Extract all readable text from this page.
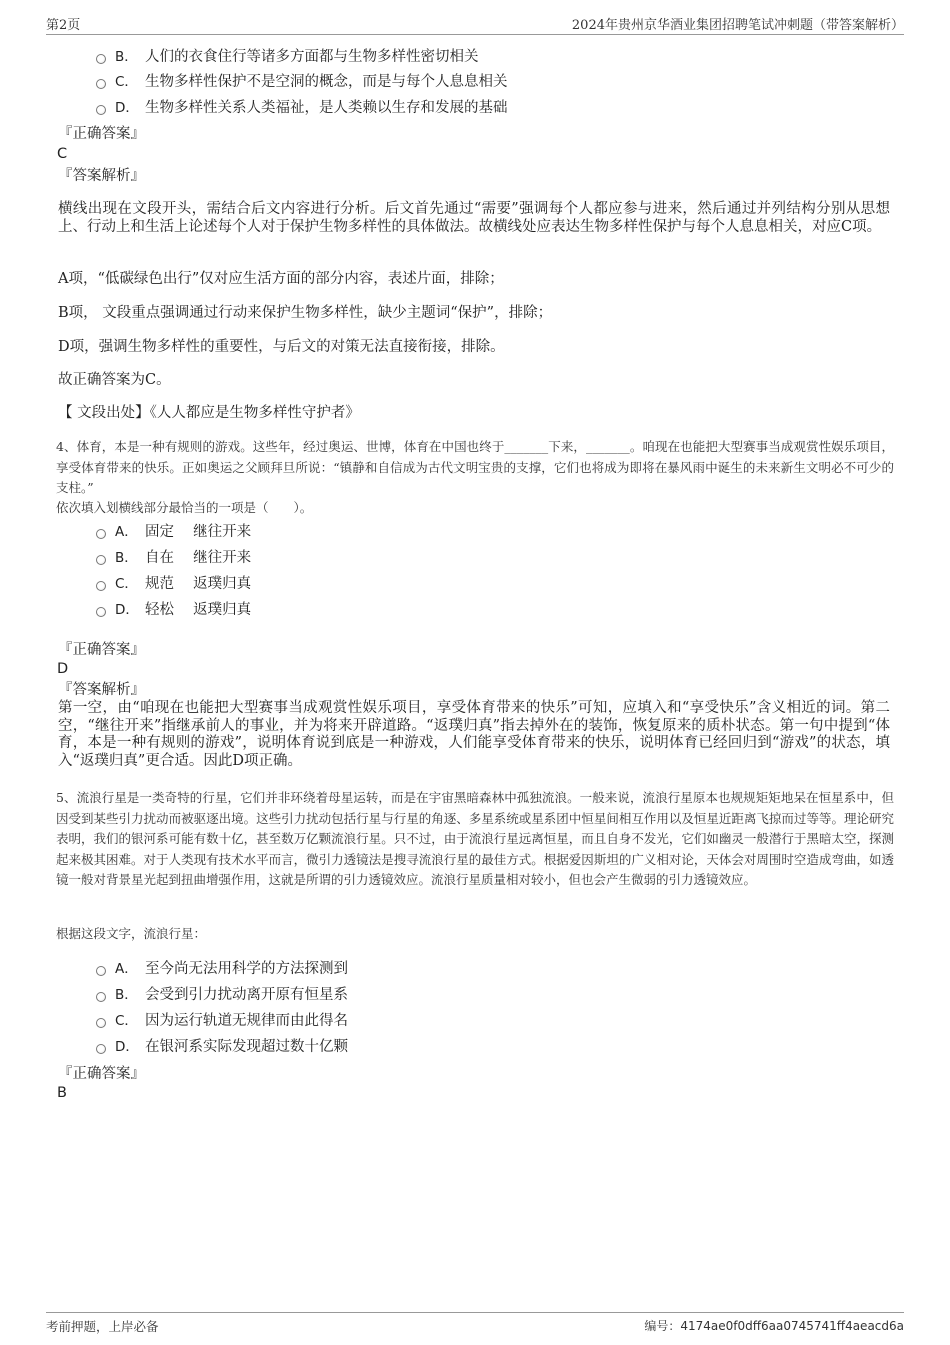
第2页	2024年贵州京华酒业集团招聘笔试冲刺题（带答案解析）
B． 人们的衣食住行等诸多方面都与生物多样性密切相关
C． 生物多样性保护不是空洞的概念，而是与每个人息息相关
D． 生物多样性关系人类福祉，是人类赖以生存和发展的基础
『正确答案』
C
『答案解析』
横线出现在文段开头，需结合后文内容进行分析。后文首先通过“需要”强调每个人都应参与进来，然后通过并列结构分别从思想上、行动上和生活上论述每个人对于保护生物多样性的具体做法。故横线处应表达生物多样性保护与每个人息息相关，对应C项。
A项，“低碳绿色出行”仅对应生活方面的部分内容，表述片面，排除；
B项， 文段重点强调通过行动来保护生物多样性，缺少主题词“保护”，排除；
D项，强调生物多样性的重要性，与后文的对策无法直接衔接，排除。
故正确答案为C。
【 文段出处】《人人都应是生物多样性守护者》
4、体育，本是一种有规则的游戏。这些年，经过奥运、世博，体育在中国也终于_______下来，_______。咱现在也能把大型赛事当成观赏性娱乐项目，享受体育带来的快乐。正如奥运之父顾拜旦所说：“镇静和自信成为古代文明宝贵的支撑，它们也将成为即将在暴风雨中诞生的未来新生文明必不可少的支柱。”
依次填入划横线部分最恰当的一项是（　　）。
A． 固定　 继往开来
B． 自在　 继往开来
C． 规范　 返璞归真
D． 轻松　 返璞归真
『正确答案』
D
『答案解析』
第一空，由“咱现在也能把大型赛事当成观赏性娱乐项目，享受体育带来的快乐”可知，应填入和“享受快乐”含义相近的词。第二空，“继往开来”指继承前人的事业，并为将来开辟道路。“返璞归真”指去掉外在的装饰，恢复原来的质朴状态。第一句中提到“体育，本是一种有规则的游戏”，说明体育说到底是一种游戏，人们能享受体育带来的快乐，说明体育已经回归到“游戏”的状态，填入“返璞归真”更合适。因此D项正确。
5、流浪行星是一类奇特的行星，它们并非环绕着母星运转，而是在宇宙黑暗森林中孤独流浪。一般来说，流浪行星原本也规规矩矩地呆在恒星系中，但因受到某些引力扰动而被驱逐出境。这些引力扰动包括行星与行星的角逐、多星系统或星系团中恒星间相互作用以及恒星近距离飞掠而过等等。理论研究表明，我们的银河系可能有数十亿，甚至数万亿颗流浪行星。只不过，由于流浪行星远离恒星，而且自身不发光，它们如幽灵一般潜行于黑暗太空，探测起来极其困难。对于人类现有技术水平而言，微引力透镜法是搜寻流浪行星的最佳方式。根据爱因斯坦的广义相对论，天体会对周围时空造成弯曲，如透镜一般对背景星光起到扭曲增强作用，这就是所谓的引力透镜效应。流浪行星质量相对较小，但也会产生微弱的引力透镜效应。
根据这段文字，流浪行星：
A． 至今尚无法用科学的方法探测到
B． 会受到引力扰动离开原有恒星系
C． 因为运行轨道无规律而由此得名
D． 在银河系实际发现超过数十亿颗
『正确答案』
B
考前押题，上岸必备	编号：4174ae0f0dff6aa0745741ff4aeacd6a
